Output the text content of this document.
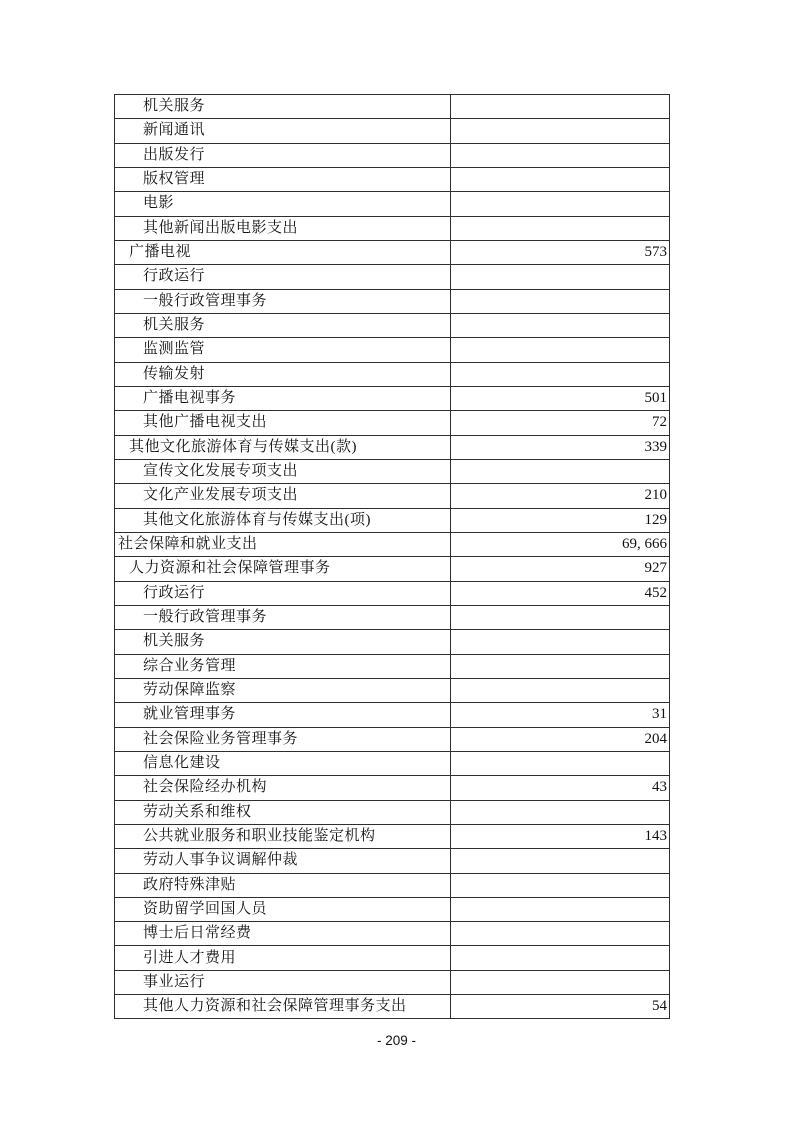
机关服务
新闻通讯
出版发行
版权管理
电影
其他新闻出版电影支出
广播电视	573
行政运行
一般行政管理事务
机关服务
监测监管
传输发射
广播电视事务	501
其他广播电视支出	72
其他文化旅游体育与传媒支出(款)	339
宣传文化发展专项支出
文化产业发展专项支出	210
其他文化旅游体育与传媒支出(项)	129
社会保障和就业支出	69, 666
人力资源和社会保障管理事务	927
行政运行	452
一般行政管理事务
机关服务
综合业务管理
劳动保障监察
就业管理事务	31
社会保险业务管理事务	204
信息化建设
社会保险经办机构	43
劳动关系和维权
公共就业服务和职业技能鉴定机构	143
劳动人事争议调解仲裁
政府特殊津贴
资助留学回国人员
博士后日常经费
引进人才费用
事业运行
其他人力资源和社会保障管理事务支出	54
- 209 -
